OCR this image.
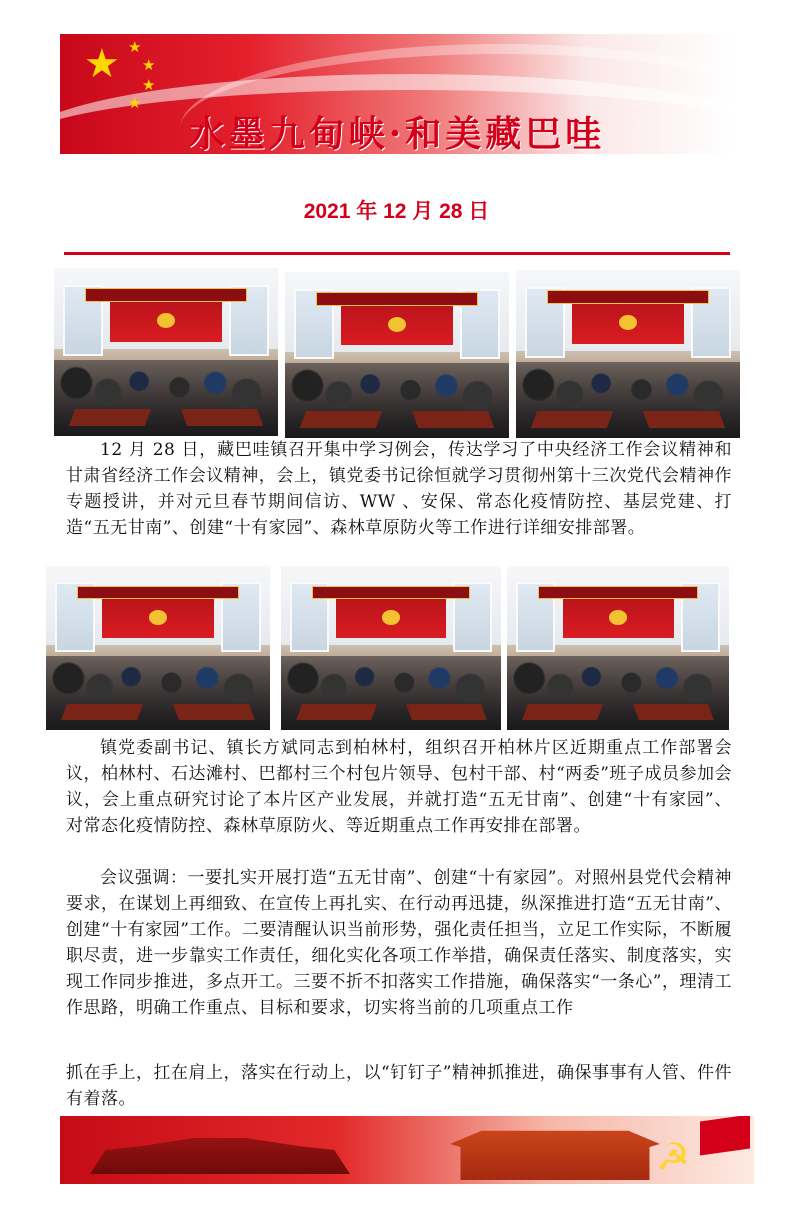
★ ★
★
★
★
水墨九甸峡·和美藏巴哇
2021 年 12 月 28 日

12 月 28 日，藏巴哇镇召开集中学习例会，传达学习了中央经济工作会议精神和甘肃省经济工作会议精神，会上，镇党委书记徐恒就学习贯彻州第十三次党代会精神作专题授讲，并对元旦春节期间信访、WW 、安保、常态化疫情防控、基层党建、打造“五无甘南”、创建“十有家园”、森林草原防火等工作进行详细安排部署。

镇党委副书记、镇长方斌同志到柏林村，组织召开柏林片区近期重点工作部署会议，柏林村、石达滩村、巴都村三个村包片领导、包村干部、村“两委”班子成员参加会议，会上重点研究讨论了本片区产业发展，并就打造“五无甘南”、创建“十有家园”、对常态化疫情防控、森林草原防火、等近期重点工作再安排在部署。

会议强调：一要扎实开展打造“五无甘南”、创建“十有家园”。对照州县党代会精神要求，在谋划上再细致、在宣传上再扎实、在行动再迅捷，纵深推进打造“五无甘南”、创建“十有家园”工作。二要清醒认识当前形势，强化责任担当，立足工作实际，不断履职尽责，进一步靠实工作责任，细化实化各项工作举措，确保责任落实、制度落实，实现工作同步推进，多点开工。三要不折不扣落实工作措施，确保落实“一条心”，理清工作思路，明确工作重点、目标和要求，切实将当前的几项重点工作

抓在手上，扛在肩上，落实在行动上，以“钉钉子”精神抓推进，确保事事有人管、件件有着落。

☭
